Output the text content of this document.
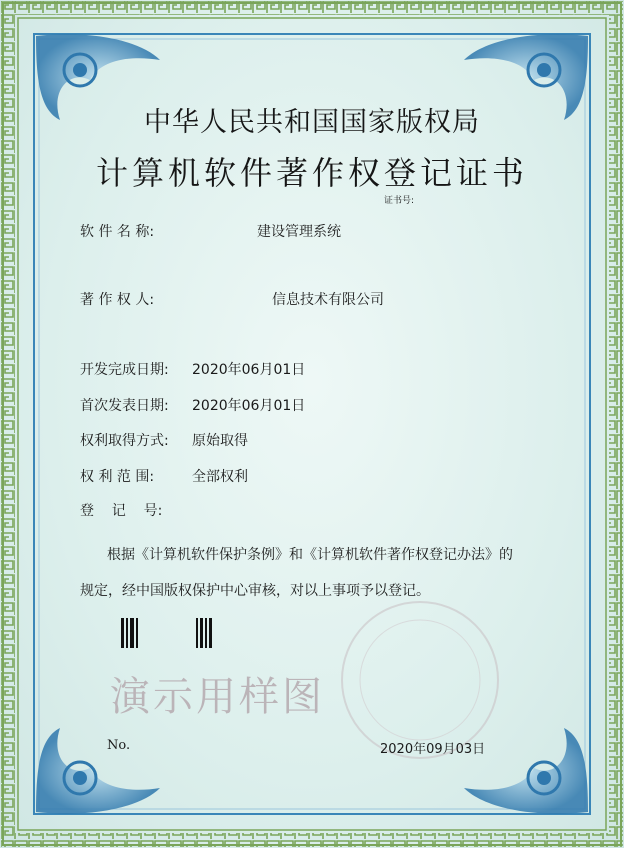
中华人民共和国国家版权局
计算机软件著作权登记证书
证书号:
软 件 名 称:	建设管理系统
著 作 权 人:	信息技术有限公司
开发完成日期: 2020年06月01日
首次发表日期: 2020年06月01日
权利取得方式: 原始取得
权 利 范 围:	全部权利
登    记    号:
根据《计算机软件保护条例》和《计算机软件著作权登记办法》的
规定，经中国版权保护中心审核，对以上事项予以登记。
演示用样图
No.	2020年09月03日
